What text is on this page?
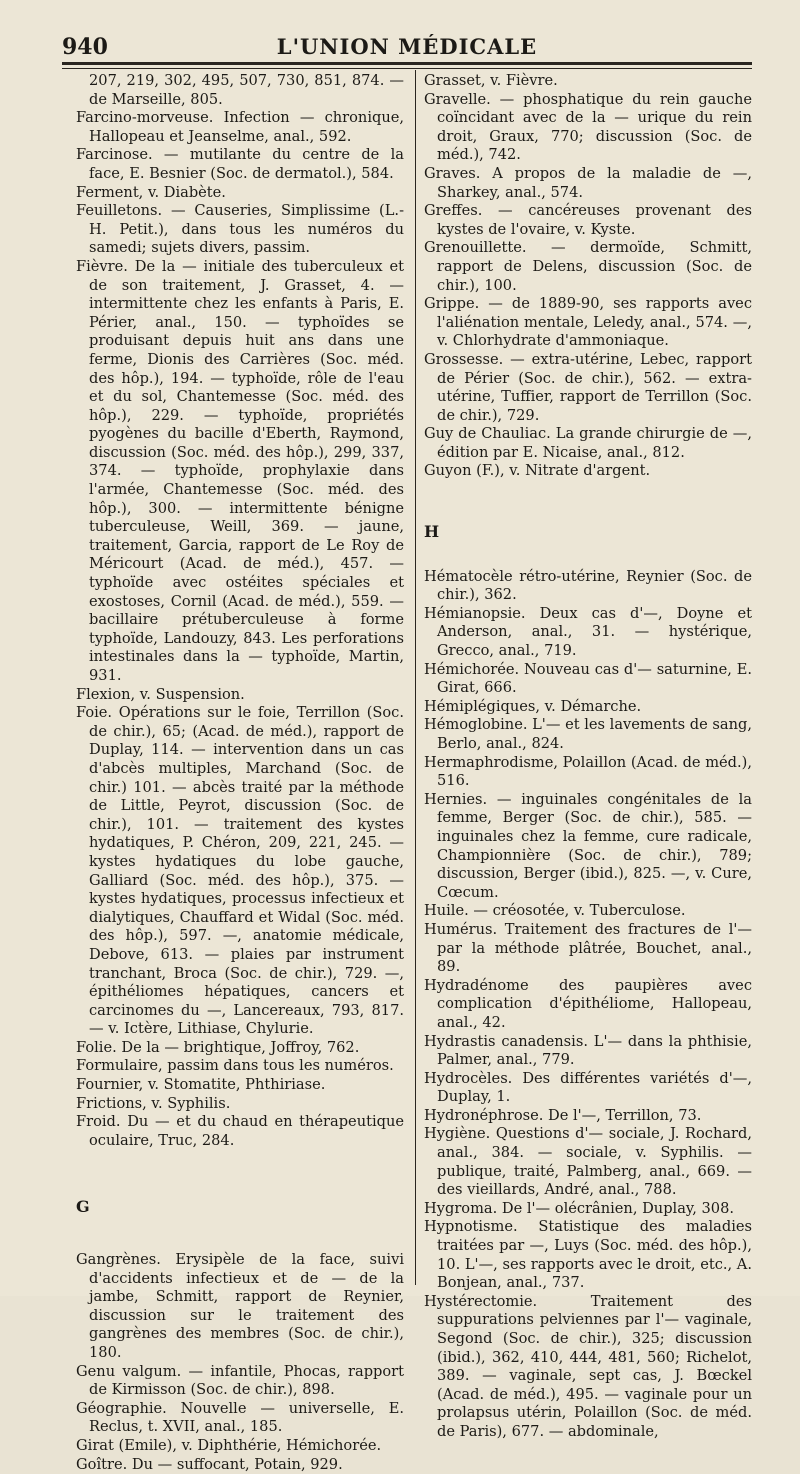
940	L'UNION MÉDICALE

207, 219, 302, 495, 507, 730, 851, 874. — de Marseille, 805.

Farcino-morveuse. Infection — chronique, Hallopeau et Jeanselme, anal., 592.

Farcinose. — mutilante du centre de la face, E. Besnier (Soc. de dermatol.), 584.

Ferment, v. Diabète.

Feuilletons. — Causeries, Simplissime (L.-H. Petit.), dans tous les numéros du samedi; sujets divers, passim.

Fièvre. De la — initiale des tuberculeux et de son traitement, J. Grasset, 4. — intermittente chez les enfants à Paris, E. Périer, anal., 150. — typhoïdes se produisant depuis huit ans dans une ferme, Dionis des Carrières (Soc. méd. des hôp.), 194. — typhoïde, rôle de l'eau et du sol, Chantemesse (Soc. méd. des hôp.), 229. — typhoïde, propriétés pyogènes du bacille d'Eberth, Raymond, discussion (Soc. méd. des hôp.), 299, 337, 374. — typhoïde, prophylaxie dans l'armée, Chantemesse (Soc. méd. des hôp.), 300. — intermittente bénigne tuberculeuse, Weill, 369. — jaune, traitement, Garcia, rapport de Le Roy de Méricourt (Acad. de méd.), 457. — typhoïde avec ostéites spéciales et exostoses, Cornil (Acad. de méd.), 559. — bacillaire prétuberculeuse à forme typhoïde, Landouzy, 843. Les perforations intestinales dans la — typhoïde, Martin, 931.

Flexion, v. Suspension.

Foie. Opérations sur le foie, Terrillon (Soc. de chir.), 65; (Acad. de méd.), rapport de Duplay, 114. — intervention dans un cas d'abcès multiples, Marchand (Soc. de chir.) 101. — abcès traité par la méthode de Little, Peyrot, discussion (Soc. de chir.), 101. — traitement des kystes hydatiques, P. Chéron, 209, 221, 245. — kystes hydatiques du lobe gauche, Galliard (Soc. méd. des hôp.), 375. — kystes hydatiques, processus infectieux et dialytiques, Chauffard et Widal (Soc. méd. des hôp.), 597. —, anatomie médicale, Debove, 613. — plaies par instrument tranchant, Broca (Soc. de chir.), 729. —, épithéliomes hépatiques, cancers et carcinomes du —, Lancereaux, 793, 817. — v. Ictère, Lithiase, Chylurie.

Folie. De la — brightique, Joffroy, 762.

Formulaire, passim dans tous les numéros.

Fournier, v. Stomatite, Phthiriase.

Frictions, v. Syphilis.

Froid. Du — et du chaud en thérapeutique oculaire, Truc, 284.

G

Gangrènes. Erysipèle de la face, suivi d'accidents infectieux et de — de la jambe, Schmitt, rapport de Reynier, discussion sur le traitement des gangrènes des membres (Soc. de chir.), 180.

Genu valgum. — infantile, Phocas, rapport de Kirmisson (Soc. de chir.), 898.

Géographie. Nouvelle — universelle, E. Reclus, t. XVII, anal., 185.

Girat (Emile), v. Diphthérie, Hémichorée.

Goître. Du — suffocant, Potain, 929.

Grasset, v. Fièvre.

Gravelle. — phosphatique du rein gauche coïncidant avec de la — urique du rein droit, Graux, 770; discussion (Soc. de méd.), 742.

Graves. A propos de la maladie de —, Sharkey, anal., 574.

Greffes. — cancéreuses provenant des kystes de l'ovaire, v. Kyste.

Grenouillette. — dermoïde, Schmitt, rapport de Delens, discussion (Soc. de chir.), 100.

Grippe. — de 1889-90, ses rapports avec l'aliénation mentale, Leledy, anal., 574. —, v. Chlorhydrate d'ammoniaque.

Grossesse. — extra-utérine, Lebec, rapport de Périer (Soc. de chir.), 562. — extra-utérine, Tuffier, rapport de Terrillon (Soc. de chir.), 729.

Guy de Chauliac. La grande chirurgie de —, édition par E. Nicaise, anal., 812.

Guyon (F.), v. Nitrate d'argent.

H

Hématocèle rétro-utérine, Reynier (Soc. de chir.), 362.

Hémianopsie. Deux cas d'—, Doyne et Anderson, anal., 31. — hystérique, Grecco, anal., 719.

Hémichorée. Nouveau cas d'— saturnine, E. Girat, 666.

Hémiplégiques, v. Démarche.

Hémoglobine. L'— et les lavements de sang, Berlo, anal., 824.

Hermaphrodisme, Polaillon (Acad. de méd.), 516.

Hernies. — inguinales congénitales de la femme, Berger (Soc. de chir.), 585. — inguinales chez la femme, cure radicale, Championnière (Soc. de chir.), 789; discussion, Berger (ibid.), 825. —, v. Cure, Cœcum.

Huile. — créosotée, v. Tuberculose.

Humérus. Traitement des fractures de l'— par la méthode plâtrée, Bouchet, anal., 89.

Hydradénome des paupières avec complication d'épithéliome, Hallopeau, anal., 42.

Hydrastis canadensis. L'— dans la phthisie, Palmer, anal., 779.

Hydrocèles. Des différentes variétés d'—, Duplay, 1.

Hydronéphrose. De l'—, Terrillon, 73.

Hygiène. Questions d'— sociale, J. Rochard, anal., 384. — sociale, v. Syphilis. — publique, traité, Palmberg, anal., 669. — des vieillards, André, anal., 788.

Hygroma. De l'— olécrânien, Duplay, 308.

Hypnotisme. Statistique des maladies traitées par —, Luys (Soc. méd. des hôp.), 10. L'—, ses rapports avec le droit, etc., A. Bonjean, anal., 737.

Hystérectomie. Traitement des suppurations pelviennes par l'— vaginale, Segond (Soc. de chir.), 325; discussion (ibid.), 362, 410, 444, 481, 560; Richelot, 389. — vaginale, sept cas, J. Bœckel (Acad. de méd.), 495. — vaginale pour un prolapsus utérin, Polaillon (Soc. de méd. de Paris), 677. — abdominale,
